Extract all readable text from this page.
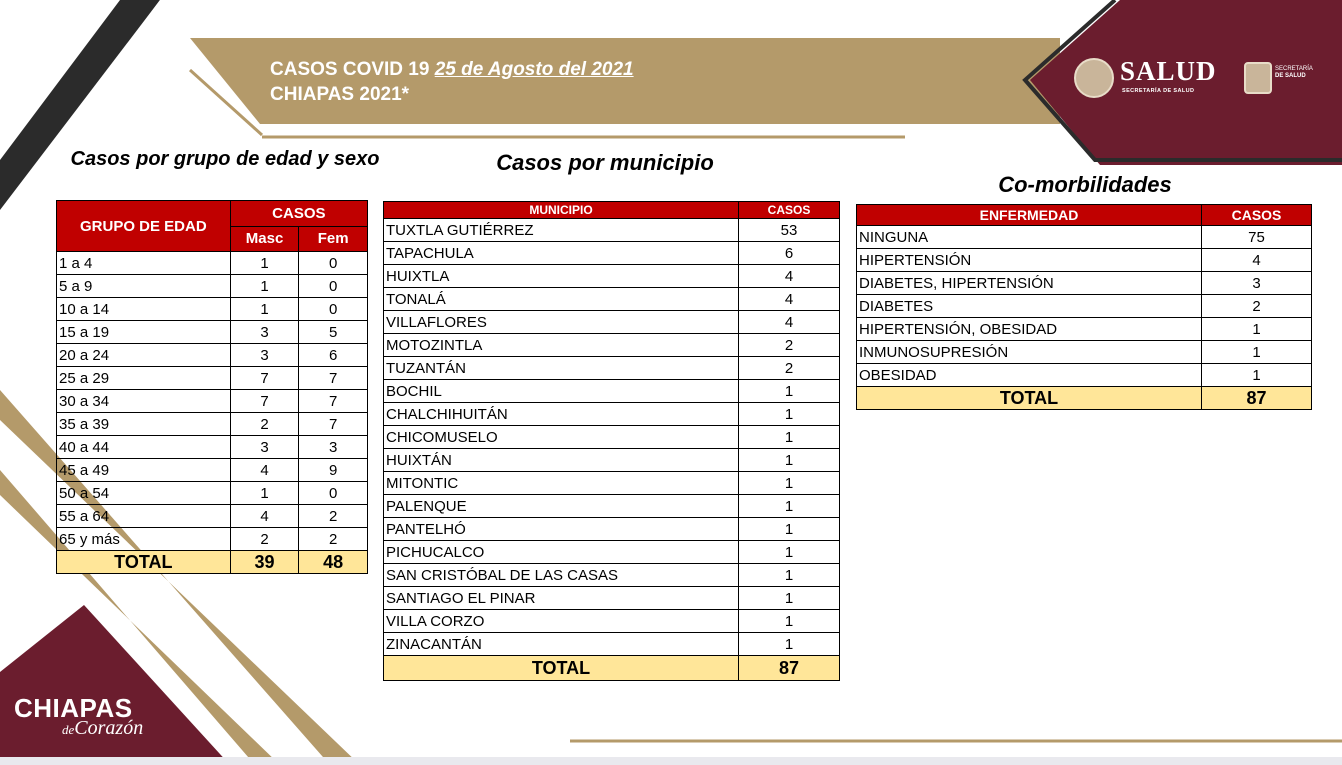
CASOS COVID 19 25 de Agosto del 2021
CHIAPAS 2021*
SALUD
SECRETARÍA DE SALUD
SECRETARÍA
DE SALUD
Casos por grupo de edad y sexo	Casos por municipio
Co-morbilidades
GRUPO DE EDAD	CASOS	
	Masc	Fem
1 a 4	1	0
5 a 9	1	0
10 a 14	1	0
15 a 19	3	5
20 a 24	3	6
25 a 29	7	7
30 a 34	7	7
35 a 39	2	7
40 a 44	3	3
45 a 49	4	9
50 a 54	1	0
55 a 64	4	2
65 y más	2	2
TOTAL	39	48
MUNICIPIO	CASOS
TUXTLA GUTIÉRREZ	53
TAPACHULA	6
HUIXTLA	4
TONALÁ	4
VILLAFLORES	4
MOTOZINTLA	2
TUZANTÁN	2
BOCHIL	1
CHALCHIHUITÁN	1
CHICOMUSELO	1
HUIXTÁN	1
MITONTIC	1
PALENQUE	1
PANTELHÓ	1
PICHUCALCO	1
SAN CRISTÓBAL DE LAS CASAS	1
SANTIAGO EL PINAR	1
VILLA CORZO	1
ZINACANTÁN	1
TOTAL	87
ENFERMEDAD	CASOS
NINGUNA	75
HIPERTENSIÓN	4
DIABETES, HIPERTENSIÓN	3
DIABETES	2
HIPERTENSIÓN, OBESIDAD	1
INMUNOSUPRESIÓN	1
OBESIDAD	1
TOTAL	87
CHIAPAS
deCorazón
